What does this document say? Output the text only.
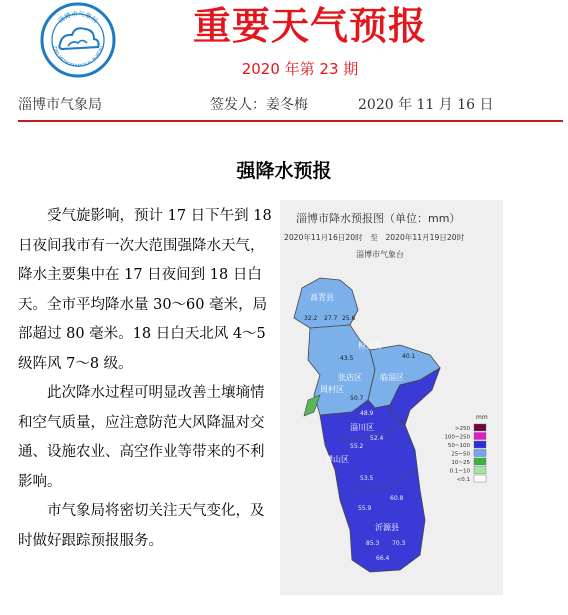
淄博市气象局
ZIBO METEOROLOGICAL BUREAU	重要天气预报
2020 年第 23 期
淄博市气象局	签发人：姜冬梅	2020 年 11 月 16 日
强降水预报

受气旋影响，预计 17 日下午到 18 日夜间我市有一次大范围强降水天气，降水主要集中在 17 日夜间到 18 日白天。全市平均降水量 30～60 毫米，局部超过 80 毫米。18 日白天北风 4～5 级阵风 7～8 级。

此次降水过程可明显改善土壤墒情和空气质量，应注意防范大风降温对交通、设施农业、高空作业等带来的不利影响。

市气象局将密切关注天气变化，及时做好跟踪预报服务。

淄博市降水预报图（单位：mm）
2020年11月16日20时　至　2020年11月19日20时
淄博市气象台
高青县
桓台县
临淄区
张店区
周村区
淄川区
博山区
沂源县
27.7 25.6
32.2
43.5	40.1
50.7
48.9
55.2
52.4
53.5
60.8
55.9
85.3 70.3
66.4
mm
>250
100~250
50~100
25~50
10~25
0.1~10
<0.1
